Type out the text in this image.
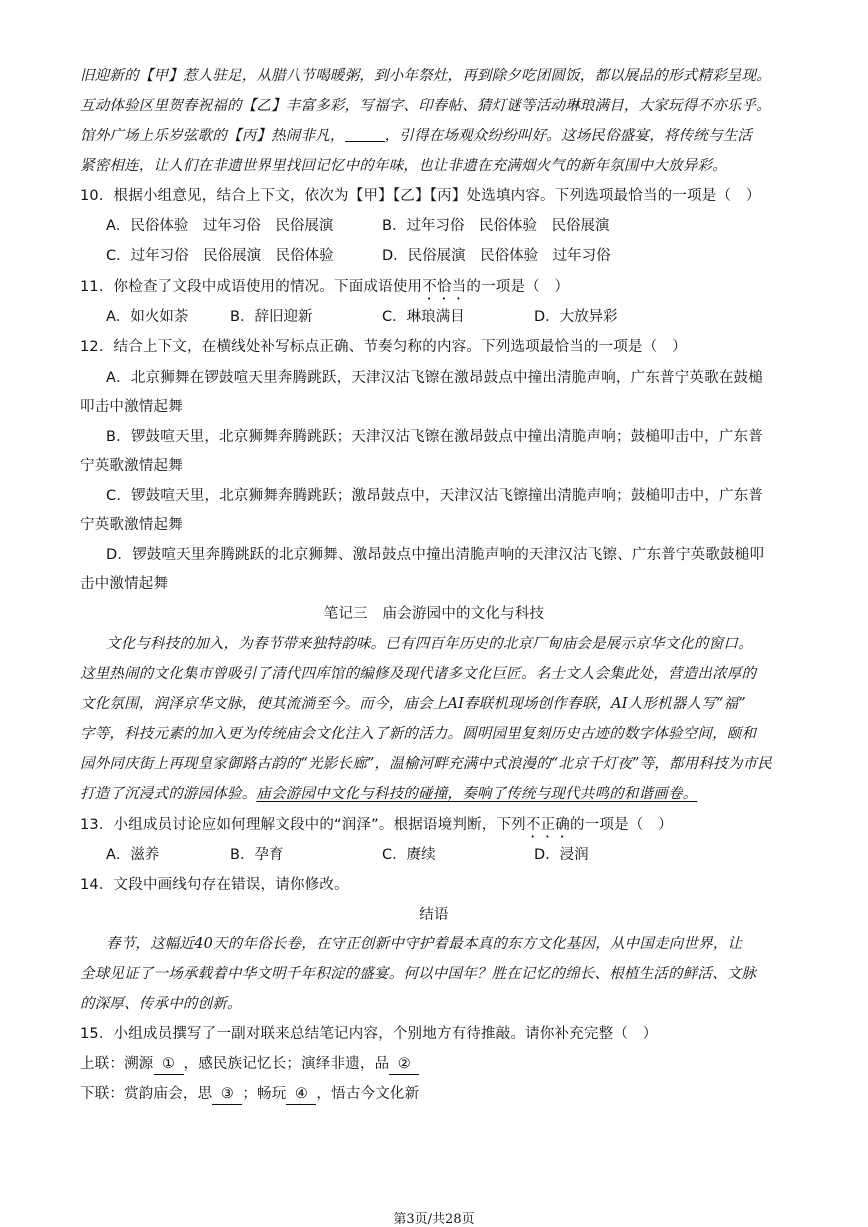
旧迎新的【甲】惹人驻足，从腊八节喝暖粥，到小年祭灶，再到除夕吃团圆饭，都以展品的形式精彩呈现。
互动体验区里贺春祝福的【乙】丰富多彩，写福字、印春帖、猜灯谜等活动琳琅满目，大家玩得不亦乐乎。
馆外广场上乐岁弦歌的【丙】热闹非凡，	，引得在场观众纷纷叫好。这场民俗盛宴，将传统与生活
紧密相连，让人们在非遗世界里找回记忆中的年味，也让非遗在充满烟火气的新年氛围中大放异彩。
10．根据小组意见，结合上下文，依次为【甲】【乙】【丙】处选填内容。下列选项最恰当的一项是（　）
A．民俗体验　过年习俗　民俗展演	B．过年习俗　民俗体验　民俗展演
C．过年习俗　民俗展演　民俗体验	D．民俗展演　民俗体验　过年习俗
11．你检查了文段中成语使用的情况。下面成语使用不恰当的一项是（　）
A．如火如荼	B．辞旧迎新	C．琳琅满目	D．大放异彩
12．结合上下文，在横线处补写标点正确、节奏匀称的内容。下列选项最恰当的一项是（　）
A．北京狮舞在锣鼓喧天里奔腾跳跃，天津汉沽飞镲在激昂鼓点中撞出清脆声响，广东普宁英歌在鼓槌
叩击中激情起舞
B．锣鼓喧天里，北京狮舞奔腾跳跃；天津汉沽飞镲在激昂鼓点中撞出清脆声响；鼓槌叩击中，广东普
宁英歌激情起舞
C．锣鼓喧天里，北京狮舞奔腾跳跃；激昂鼓点中，天津汉沽飞镲撞出清脆声响；鼓槌叩击中，广东普
宁英歌激情起舞
D．锣鼓喧天里奔腾跳跃的北京狮舞、激昂鼓点中撞出清脆声响的天津汉沽飞镲、广东普宁英歌鼓槌叩
击中激情起舞
笔记三　庙会游园中的文化与科技
文化与科技的加入，为春节带来独特韵味。已有四百年历史的北京厂甸庙会是展示京华文化的窗口。
这里热闹的文化集市曾吸引了清代四库馆的编修及现代诸多文化巨匠。名士文人会集此处，营造出浓厚的
文化氛围，润泽京华文脉，使其流淌至今。而今，庙会上AI春联机现场创作春联，AI人形机器人写“福”
字等，科技元素的加入更为传统庙会文化注入了新的活力。圆明园里复刻历史古迹的数字体验空间，颐和
园外同庆街上再现皇家御路古韵的“光影长廊”，温榆河畔充满中式浪漫的“北京千灯夜”等，都用科技为市民
打造了沉浸式的游园体验。庙会游园中文化与科技的碰撞，奏响了传统与现代共鸣的和谐画卷。
13．小组成员讨论应如何理解文段中的“润泽”。根据语境判断，下列不正确的一项是（　）
A．滋养	B．孕育	C．赓续	D．浸润
14．文段中画线句存在错误，请你修改。
结语
春节，这幅近40天的年俗长卷，在守正创新中守护着最本真的东方文化基因，从中国走向世界，让
全球见证了一场承载着中华文明千年积淀的盛宴。何以中国年？胜在记忆的绵长、根植生活的鲜活、文脉
的深厚、传承中的创新。
15．小组成员撰写了一副对联来总结笔记内容，个别地方有待推敲。请你补充完整（　）
上联：溯源 ① ，感民族记忆长；演绎非遗，品 ②
下联：赏韵庙会，思 ③ ；畅玩 ④ ，悟古今文化新
第3页/共28页
